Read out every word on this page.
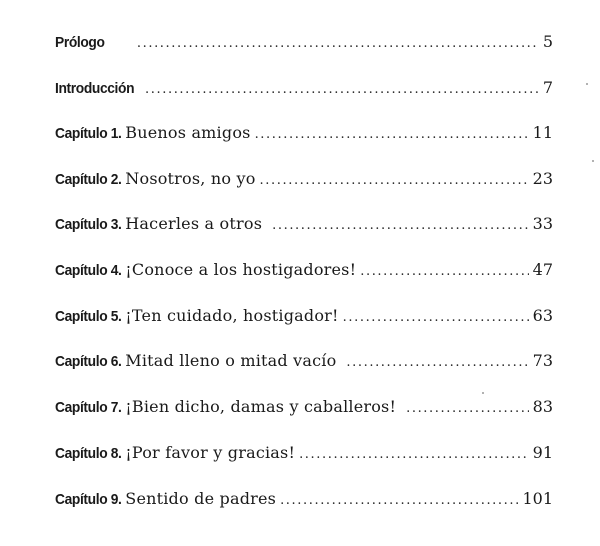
Prólogo .....	5
Introducción .....	7
Capítulo 1. Buenos amigos .....	11
Capítulo 2. Nosotros, no yo .....	23
Capítulo 3. Hacerles a otros .....	33
Capítulo 4. ¡Conoce a los hostigadores! .....	47
Capítulo 5. ¡Ten cuidado, hostigador! .....	63
Capítulo 6. Mitad lleno o mitad vacío .....	73
Capítulo 7. ¡Bien dicho, damas y caballeros! .....	83
Capítulo 8. ¡Por favor y gracias! .....	91
Capítulo 9. Sentido de padres .....	101
